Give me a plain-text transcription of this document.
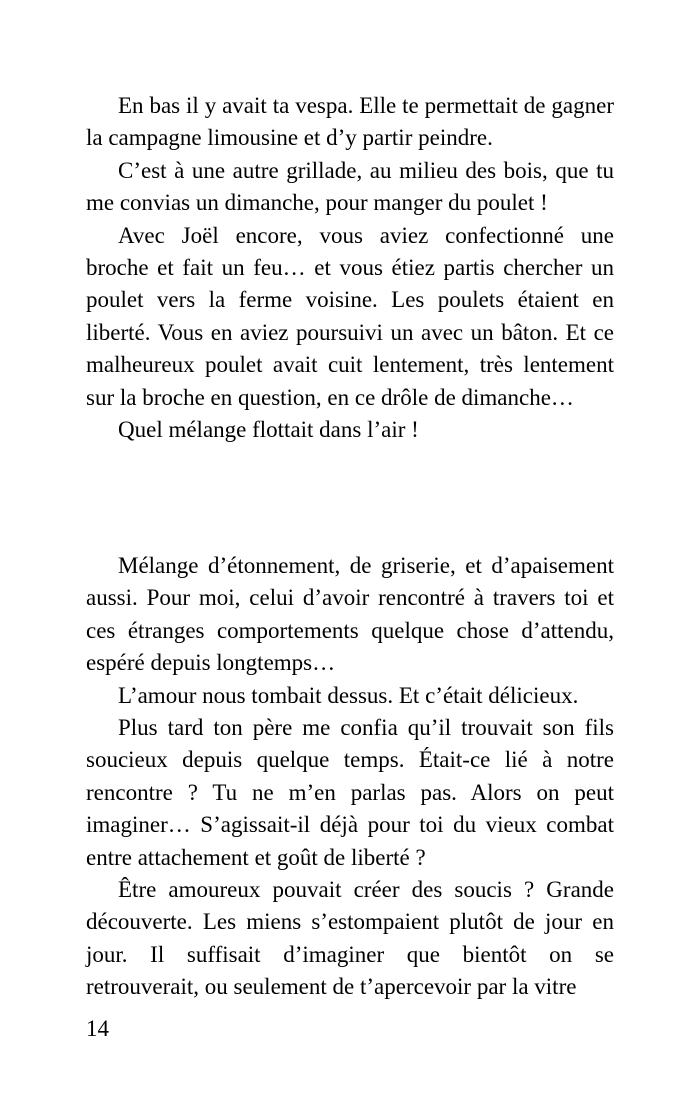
En bas il y avait ta vespa. Elle te permettait de gagner la campagne limousine et d’y partir peindre.

C’est à une autre grillade, au milieu des bois, que tu me convias un dimanche, pour manger du poulet !

Avec Joël encore, vous aviez confectionné une broche et fait un feu… et vous étiez partis chercher un poulet vers la ferme voisine. Les poulets étaient en liberté. Vous en aviez poursuivi un avec un bâton. Et ce malheureux poulet avait cuit lentement, très lentement sur la broche en question, en ce drôle de dimanche…

Quel mélange flottait dans l’air !

Mélange d’étonnement, de griserie, et d’apaisement aussi. Pour moi, celui d’avoir rencontré à travers toi et ces étranges comportements quelque chose d’attendu, espéré depuis longtemps…

L’amour nous tombait dessus. Et c’était délicieux.

Plus tard ton père me confia qu’il trouvait son fils soucieux depuis quelque temps. Était-ce lié à notre rencontre ? Tu ne m’en parlas pas. Alors on peut imaginer… S’agissait-il déjà pour toi du vieux combat entre attachement et goût de liberté ?

Être amoureux pouvait créer des soucis ? Grande découverte. Les miens s’estompaient plutôt de jour en jour. Il suffisait d’imaginer que bientôt on se retrouverait, ou seulement de t’apercevoir par la vitre

14
